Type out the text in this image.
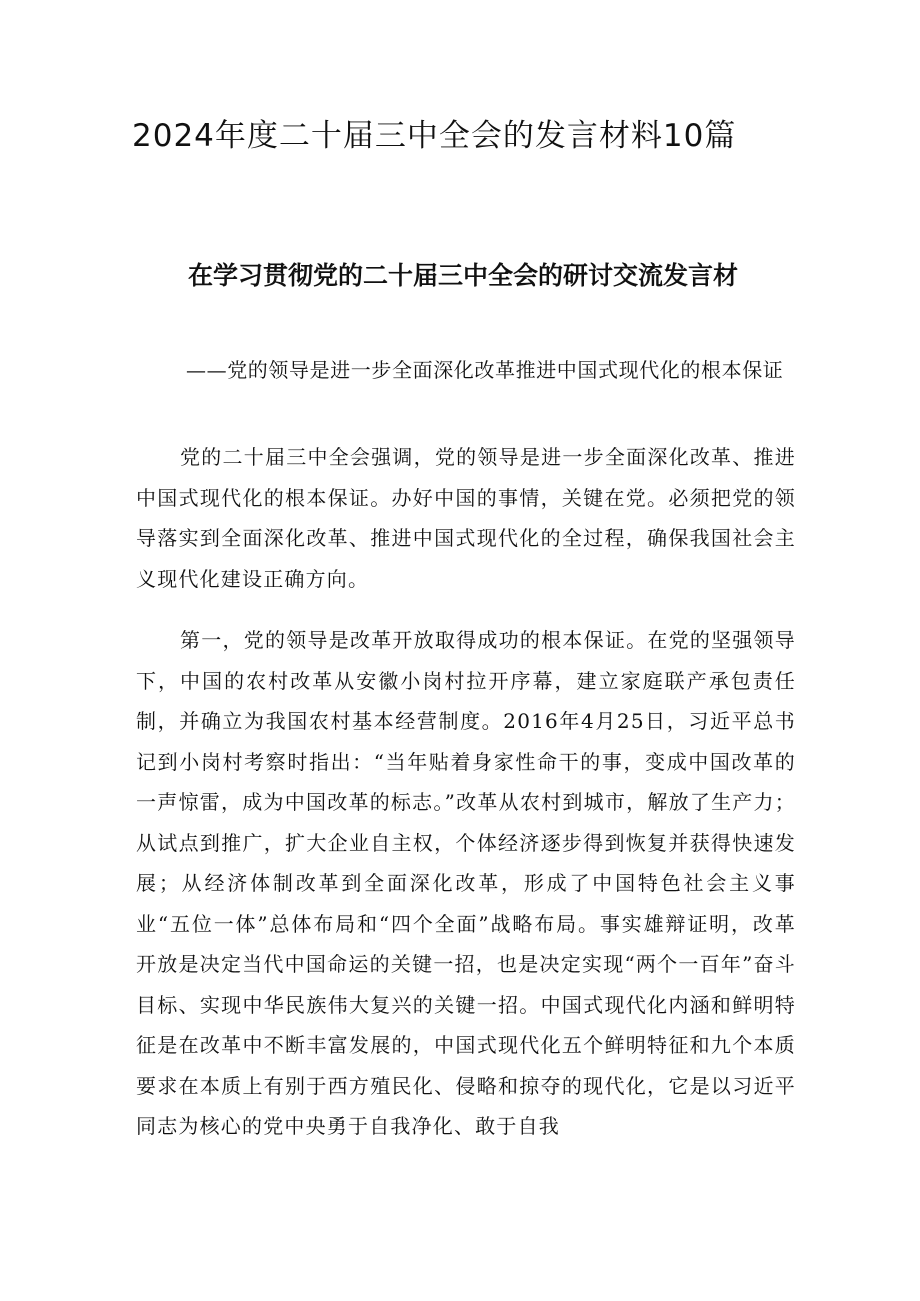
2024年度二十届三中全会的发言材料10篇
在学习贯彻党的二十届三中全会的研讨交流发言材

——党的领导是进一步全面深化改革推进中国式现代化的根本保证

党的二十届三中全会强调，党的领导是进一步全面深化改革、推进中国式现代化的根本保证。办好中国的事情，关键在党。必须把党的领导落实到全面深化改革、推进中国式现代化的全过程，确保我国社会主义现代化建设正确方向。

第一，党的领导是改革开放取得成功的根本保证。在党的坚强领导下，中国的农村改革从安徽小岗村拉开序幕，建立家庭联产承包责任制，并确立为我国农村基本经营制度。2016年4月25日，习近平总书记到小岗村考察时指出：“当年贴着身家性命干的事，变成中国改革的一声惊雷，成为中国改革的标志。”改革从农村到城市，解放了生产力；从试点到推广，扩大企业自主权，个体经济逐步得到恢复并获得快速发展；从经济体制改革到全面深化改革，形成了中国特色社会主义事业“五位一体”总体布局和“四个全面”战略布局。事实雄辩证明，改革开放是决定当代中国命运的关键一招，也是决定实现“两个一百年”奋斗目标、实现中华民族伟大复兴的关键一招。中国式现代化内涵和鲜明特征是在改革中不断丰富发展的，中国式现代化五个鲜明特征和九个本质要求在本质上有别于西方殖民化、侵略和掠夺的现代化，它是以习近平同志为核心的党中央勇于自我净化、敢于自我
